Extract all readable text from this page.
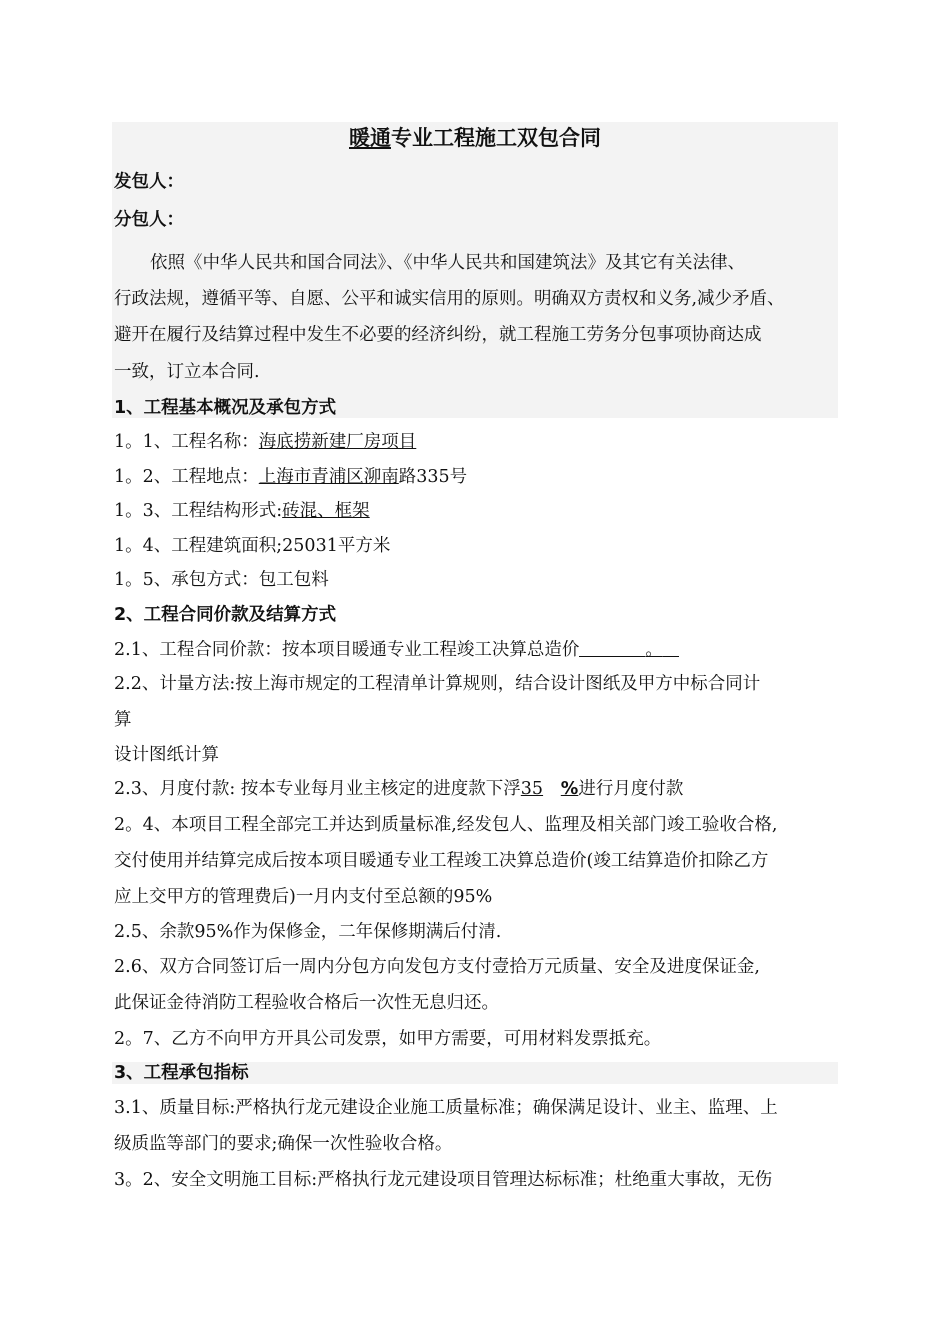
暖通专业工程施工双包合同
发包人：
分包人：
依照《中华人民共和国合同法》、《中华人民共和国建筑法》及其它有关法律、
行政法规，遵循平等、自愿、公平和诚实信用的原则。明确双方责权和义务,减少矛盾、
避开在履行及结算过程中发生不必要的经济纠纷，就工程施工劳务分包事项协商达成
一致，订立本合同.
1、工程基本概况及承包方式
1。1、工程名称：海底捞新建厂房项目
1。2、工程地点：上海市青浦区泖南路335号
1。3、工程结构形式:砖混、框架
1。4、工程建筑面积;25031平方米
1。5、承包方式：包工包料
2、工程合同价款及结算方式
2.1、工程合同价款：按本项目暖通专业工程竣工决算总造价	。
2.2、计量方法:按上海市规定的工程清单计算规则，结合设计图纸及甲方中标合同计
算
设计图纸计算
2.3、月度付款: 按本专业每月业主核定的进度款下浮35 %进行月度付款
2。4、本项目工程全部完工并达到质量标准,经发包人、监理及相关部门竣工验收合格,
交付使用并结算完成后按本项目暖通专业工程竣工决算总造价(竣工结算造价扣除乙方
应上交甲方的管理费后)一月内支付至总额的95%
2.5、余款95%作为保修金，二年保修期满后付清.
2.6、双方合同签订后一周内分包方向发包方支付壹拾万元质量、安全及进度保证金,
此保证金待消防工程验收合格后一次性无息归还。
2。7、乙方不向甲方开具公司发票，如甲方需要，可用材料发票抵充。
3、工程承包指标
3.1、质量目标:严格执行龙元建设企业施工质量标准；确保满足设计、业主、监理、上
级质监等部门的要求;确保一次性验收合格。
3。2、安全文明施工目标:严格执行龙元建设项目管理达标标准；杜绝重大事故，无伤
